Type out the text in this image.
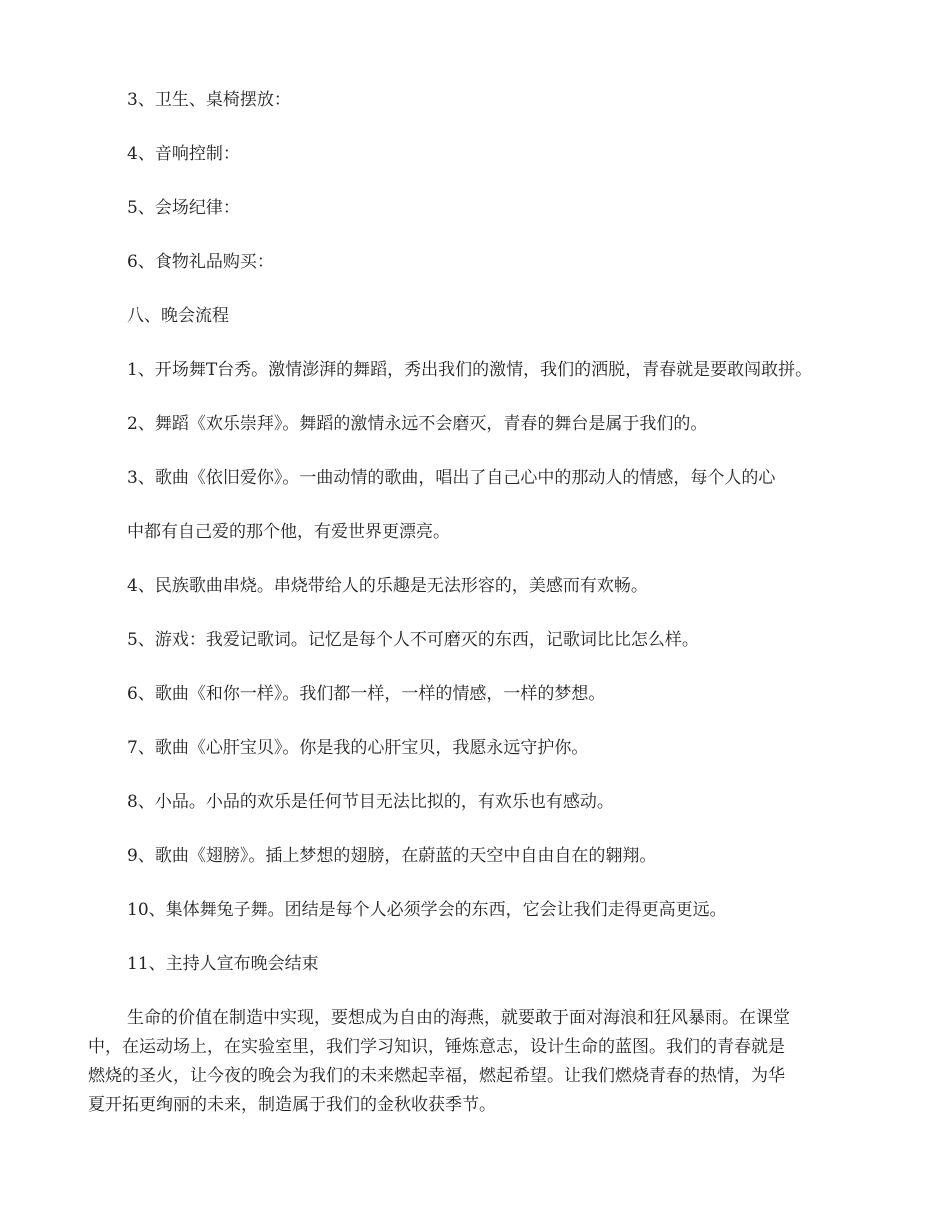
3、卫生、桌椅摆放：
4、音响控制：
5、会场纪律：
6、食物礼品购买：
八、晚会流程
1、开场舞T台秀。激情澎湃的舞蹈，秀出我们的激情，我们的洒脱，青春就是要敢闯敢拼。
2、舞蹈《欢乐崇拜》。舞蹈的激情永远不会磨灭，青春的舞台是属于我们的。
3、歌曲《依旧爱你》。一曲动情的歌曲，唱出了自己心中的那动人的情感，每个人的心
中都有自己爱的那个他，有爱世界更漂亮。
4、民族歌曲串烧。串烧带给人的乐趣是无法形容的，美感而有欢畅。
5、游戏：我爱记歌词。记忆是每个人不可磨灭的东西，记歌词比比怎么样。
6、歌曲《和你一样》。我们都一样，一样的情感，一样的梦想。
7、歌曲《心肝宝贝》。你是我的心肝宝贝，我愿永远守护你。
8、小品。小品的欢乐是任何节目无法比拟的，有欢乐也有感动。
9、歌曲《翅膀》。插上梦想的翅膀，在蔚蓝的天空中自由自在的翱翔。
10、集体舞兔子舞。团结是每个人必须学会的东西，它会让我们走得更高更远。
11、主持人宣布晚会结束
生命的价值在制造中实现，要想成为自由的海燕，就要敢于面对海浪和狂风暴雨。在课堂
中，在运动场上，在实验室里，我们学习知识，锤炼意志，设计生命的蓝图。我们的青春就是
燃烧的圣火，让今夜的晚会为我们的未来燃起幸福，燃起希望。让我们燃烧青春的热情，为华
夏开拓更绚丽的未来，制造属于我们的金秋收获季节。
